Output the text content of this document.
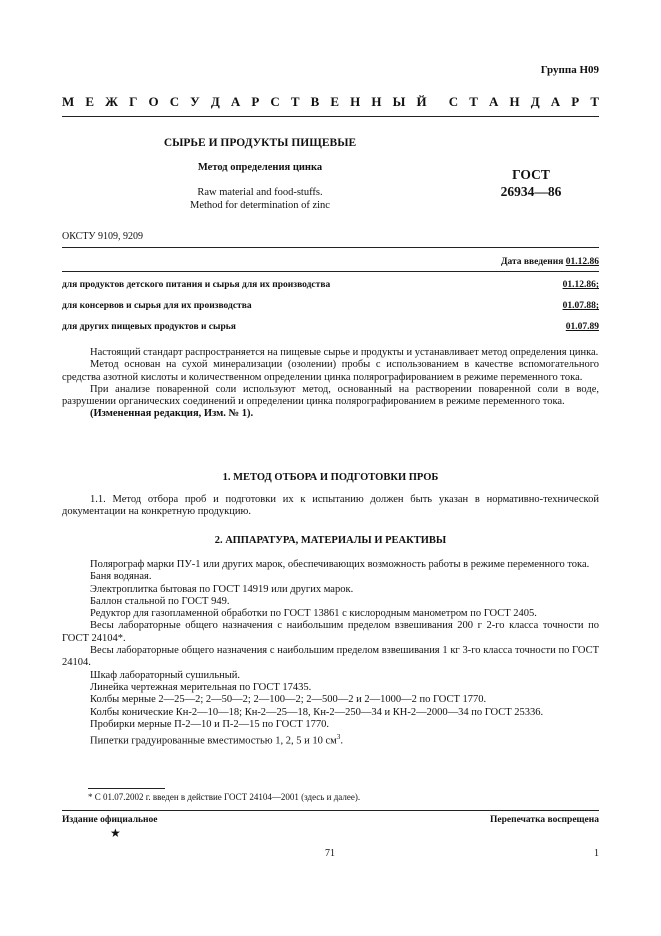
Группа Н09
М Е Ж Г О С У Д А Р С Т В Е Н Н Ы Й С Т А Н Д А Р Т
СЫРЬЕ И ПРОДУКТЫ ПИЩЕВЫЕ
Метод определения цинка
Raw material and food-stuffs.
Method for determination of zinc
ГОСТ
26934—86
ОКСТУ 9109, 9209
Дата введения
01.12.86
для продуктов детского питания и сырья для их производства	01.12.86;
для консервов и сырья для их производства	01.07.88;
для других пищевых продуктов и сырья	01.07.89

Настоящий стандарт распространяется на пищевые сырье и продукты и устанавливает метод определения цинка.

Метод основан на сухой минерализации (озолении) пробы с использованием в качестве вспомогательного средства азотной кислоты и количественном определении цинка полярографированием в режиме переменного тока.

При анализе поваренной соли используют метод, основанный на растворении поваренной соли в воде, разрушении органических соединений и определении цинка полярографированием в режиме переменного тока.

(Измененная редакция, Изм. № 1).

1. МЕТОД ОТБОРА И ПОДГОТОВКИ ПРОБ

1.1. Метод отбора проб и подготовки их к испытанию должен быть указан в нормативно-технической документации на конкретную продукцию.

2. АППАРАТУРА, МАТЕРИАЛЫ И РЕАКТИВЫ

Полярограф марки ПУ-1 или других марок, обеспечивающих возможность работы в режиме переменного тока.

Баня водяная.

Электроплитка бытовая по ГОСТ 14919 или других марок.

Баллон стальной по ГОСТ 949.

Редуктор для газопламенной обработки по ГОСТ 13861 с кислородным манометром по ГОСТ 2405.

Весы лабораторные общего назначения с наибольшим пределом взвешивания 200 г 2-го класса точности по ГОСТ 24104*.

Весы лабораторные общего назначения с наибольшим пределом взвешивания 1 кг 3-го класса точности по ГОСТ 24104.

Шкаф лабораторный сушильный.

Линейка чертежная мерительная по ГОСТ 17435.

Колбы мерные 2—25—2; 2—50—2; 2—100—2; 2—500—2 и 2—1000—2 по ГОСТ 1770.

Колбы конические Кн-2—10—18; Кн-2—25—18, Кн-2—250—34 и КН-2—2000—34 по ГОСТ 25336.

Пробирки мерные П-2—10 и П-2—15 по ГОСТ 1770.

Пипетки градуированные вместимостью 1, 2, 5 и 10 $см^3$.

* С 01.07.2002 г. введен в действие ГОСТ 24104—2001 (здесь и далее).
Издание официальное	Перепечатка воспрещена
★
71	1
